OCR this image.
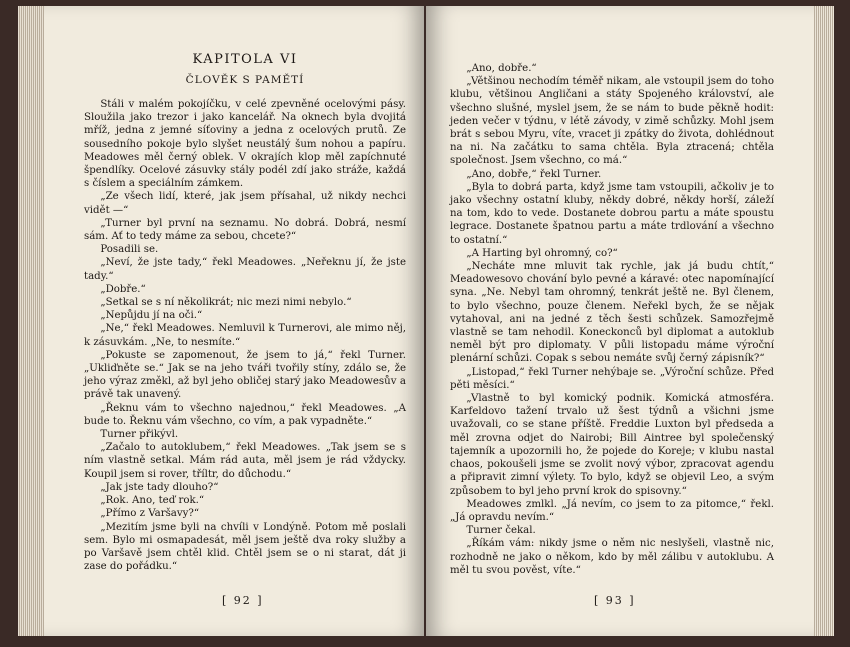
KAPITOLA VI
ČLOVĚK S PAMĚTÍ

Stáli v malém pokojíčku, v celé zpevněné ocelovými pásy. Sloužila jako trezor i jako kancelář. Na oknech byla dvojitá mříž, jedna z jemné síťoviny a jedna z ocelových prutů. Ze sousedního pokoje bylo slyšet neustálý šum nohou a papíru. Meadowes měl černý oblek. V okrajích klop měl zapíchnuté špendlíky. Ocelové zásuvky stály podél zdí jako stráže, každá s číslem a speciálním zámkem.

„Ze všech lidí, které, jak jsem přísahal, už nikdy nechci vidět —“

„Turner byl první na seznamu. No dobrá. Dobrá, nesmí sám. Ať to tedy máme za sebou, chcete?“

Posadili se.

„Neví, že jste tady,“ řekl Meadowes. „Neřeknu jí, že jste tady.“

„Dobře.“

„Setkal se s ní několikrát; nic mezi nimi nebylo.“

„Nepůjdu jí na oči.“

„Ne,“ řekl Meadowes. Nemluvil k Turnerovi, ale mimo něj, k zásuvkám. „Ne, to nesmíte.“

„Pokuste se zapomenout, že jsem to já,“ řekl Turner. „Ukliďněte se.“ Jak se na jeho tváři tvořily stíny, zdálo se, že jeho výraz změkl, až byl jeho obličej starý jako Meadowesův a právě tak unavený.

„Řeknu vám to všechno najednou,“ řekl Meadowes. „A bude to. Řeknu vám všechno, co vím, a pak vypadněte.“

Turner přikývl.

„Začalo to autoklubem,“ řekl Meadowes. „Tak jsem se s ním vlastně setkal. Mám rád auta, měl jsem je rád vždycky. Koupil jsem si rover, tříltr, do důchodu.“

„Jak jste tady dlouho?“

„Rok. Ano, teď rok.“

„Přímo z Varšavy?“

„Mezitím jsme byli na chvíli v Londýně. Potom mě poslali sem. Bylo mi osmapadesát, měl jsem ještě dva roky služby a po Varšavě jsem chtěl klid. Chtěl jsem se o ni starat, dát ji zase do pořádku.“

[ 92 ]

„Ano, dobře.“

„Většinou nechodím téměř nikam, ale vstoupil jsem do toho klubu, většinou Angličani a státy Spojeného království, ale všechno slušné, myslel jsem, že se nám to bude pěkně hodit: jeden večer v týdnu, v létě závody, v zimě schůzky. Mohl jsem brát s sebou Myru, víte, vracet ji zpátky do života, dohlédnout na ni. Na začátku to sama chtěla. Byla ztracená; chtěla společnost. Jsem všechno, co má.“

„Ano, dobře,“ řekl Turner.

„Byla to dobrá parta, když jsme tam vstoupili, ačkoliv je to jako všechny ostatní kluby, někdy dobré, někdy horší, záleží na tom, kdo to vede. Dostanete dobrou partu a máte spoustu legrace. Dostanete špatnou partu a máte trdlování a všechno to ostatní.“

„A Harting byl ohromný, co?“

„Necháte mne mluvit tak rychle, jak já budu chtít,“ Meadowesovo chování bylo pevné a káravé: otec napomínající syna. „Ne. Nebyl tam ohromný, tenkrát ještě ne. Byl členem, to bylo všechno, pouze členem. Neřekl bych, že se nějak vytahoval, ani na jedné z těch šesti schůzek. Samozřejmě vlastně se tam nehodil. Koneckonců byl diplomat a autoklub neměl být pro diplomaty. V půli listopadu máme výroční plenární schůzi. Copak s sebou nemáte svůj černý zápisník?“

„Listopad,“ řekl Turner nehýbaje se. „Výroční schůze. Před pěti měsíci.“

„Vlastně to byl komický podnik. Komická atmosféra. Karfeldovo tažení trvalo už šest týdnů a všichni jsme uvažovali, co se stane příště. Freddie Luxton byl předseda a měl zrovna odjet do Nairobi; Bill Aintree byl společenský tajemník a upozornili ho, že pojede do Koreje; v klubu nastal chaos, pokoušeli jsme se zvolit nový výbor, zpracovat agendu a připravit zimní výlety. To bylo, když se objevil Leo, a svým způsobem to byl jeho první krok do spisovny.“

Meadowes zmlkl. „Já nevím, co jsem to za pitomce,“ řekl. „Já opravdu nevím.“

Turner čekal.

„Říkám vám: nikdy jsme o něm nic neslyšeli, vlastně nic, rozhodně ne jako o někom, kdo by měl zálibu v autoklubu. A měl tu svou pověst, víte.“

[ 93 ]
